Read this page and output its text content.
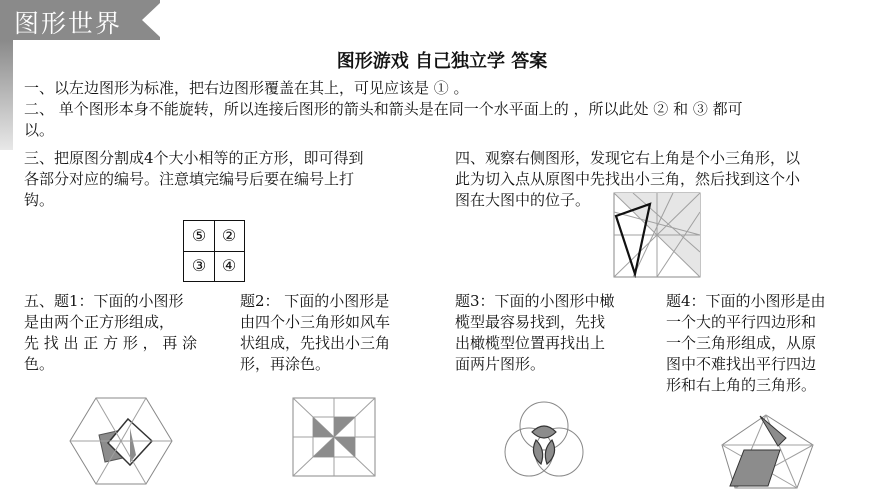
图形世界
图形游戏 自己独立学 答案
一、以左边图形为标准，把右边图形覆盖在其上，可见应该是 ① 。
二、 单个图形本身不能旋转，所以连接后图形的箭头和箭头是在同一个水平面上的 ，所以此处 ② 和 ③ 都可
以。
三、把原图分割成4个大小相等的正方形，即可得到
各部分对应的编号。注意填完编号后要在编号上打
钩。
⑤ ②
③ ④
四、观察右侧图形，发现它右上角是个小三角形，以
此为切入点从原图中先找出小三角，然后找到这个小
图在大图中的位子。
五、题1：下面的小图形
是由两个正方形组成，
先 找 出 正 方 形 ， 再 涂
色。
题2： 下面的小图形是
由四个小三角形如风车
状组成，先找出小三角
形，再涂色。
题3：下面的小图形中橄
榄型最容易找到，先找
出橄榄型位置再找出上
面两片图形。
题4：下面的小图形是由
一个大的平行四边形和
一个三角形组成，从原
图中不难找出平行四边
形和右上角的三角形。
